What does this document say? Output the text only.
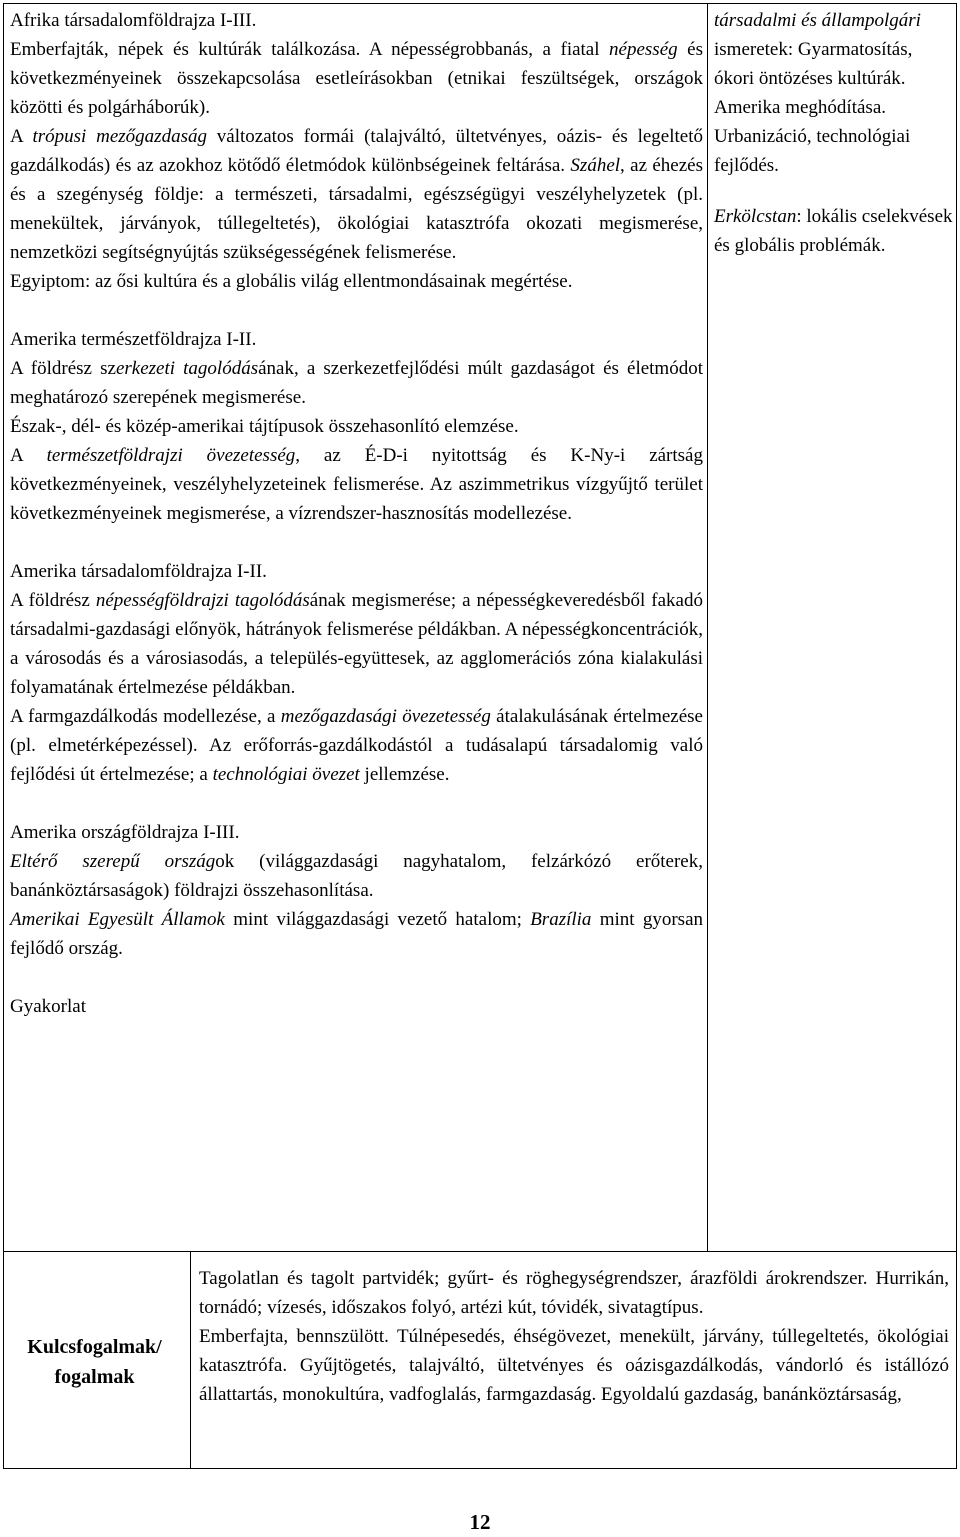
Afrika társadalomföldrajza I-III.
Emberfajták, népek és kultúrák találkozása. A népességrobbanás, a fiatal népesség és következményeinek összekapcsolása esetleírásokban (etnikai feszültségek, országok közötti és polgárháborúk).
A trópusi mezőgazdaság változatos formái (talajváltó, ültetvényes, oázis- és legeltető gazdálkodás) és az azokhoz kötődő életmódok különbségeinek feltárása. Száhel, az éhezés és a szegénység földje: a természeti, társadalmi, egészségügyi veszélyhelyzetek (pl. menekültek, járványok, túllegeltetés), ökológiai katasztrófa okozati megismerése, nemzetközi segítségnyújtás szükségességének felismerése.
Egyiptom: az ősi kultúra és a globális világ ellentmondásainak megértése.
Amerika természetföldrajza I-II.
A földrész szerkezeti tagolódásának, a szerkezetfejlődési múlt gazdaságot és életmódot meghatározó szerepének megismerése.
Észak-, dél- és közép-amerikai tájtípusok összehasonlító elemzése.
A természetföldrajzi övezetesség, az É-D-i nyitottság és K-Ny-i zártság következményeinek, veszélyhelyzeteinek felismerése. Az aszimmetrikus vízgyűjtő terület következményeinek megismerése, a vízrendszer-hasznosítás modellezése.
Amerika társadalomföldrajza I-II.
A földrész népességföldrajzi tagolódásának megismerése; a népességkeveredésből fakadó társadalmi-gazdasági előnyök, hátrányok felismerése példákban. A népességkoncentrációk, a városodás és a városiasodás, a település-együttesek, az agglomerációs zóna kialakulási folyamatának értelmezése példákban.
A farmgazdálkodás modellezése, a mezőgazdasági övezetesség átalakulásának értelmezése (pl. elmetérképezéssel). Az erőforrás-gazdálkodástól a tudásalapú társadalomig való fejlődési út értelmezése; a technológiai övezet jellemzése.
Amerika országföldrajza I-III.
Eltérő szerepű országok (világgazdasági nagyhatalom, felzárkózó erőterek, banánköztársaságok) földrajzi összehasonlítása.
Amerikai Egyesült Államok mint világgazdasági vezető hatalom; Brazília mint gyorsan fejlődő ország.
Gyakorlat
társadalmi és állampolgári ismeretek: Gyarmatosítás, ókori öntözéses kultúrák. Amerika meghódítása. Urbanizáció, technológiai fejlődés.
Erkölcstan: lokális cselekvések és globális problémák.
Kulcsfogalmak/
fogalmak
Tagolatlan és tagolt partvidék; gyűrt- és röghegységrendszer, árazföldi árokrendszer. Hurrikán, tornádó; vízesés, időszakos folyó, artézi kút, tóvidék, sivatagtípus.
Emberfajta, bennszülött. Túlnépesedés, éhségövezet, menekült, járvány, túllegeltetés, ökológiai katasztrófa. Gyűjtögetés, talajváltó, ültetvényes és oázisgazdálkodás, vándorló és istállózó állattartás, monokultúra, vadfoglalás, farmgazdaság. Egyoldalú gazdaság, banánköztársaság,
12
